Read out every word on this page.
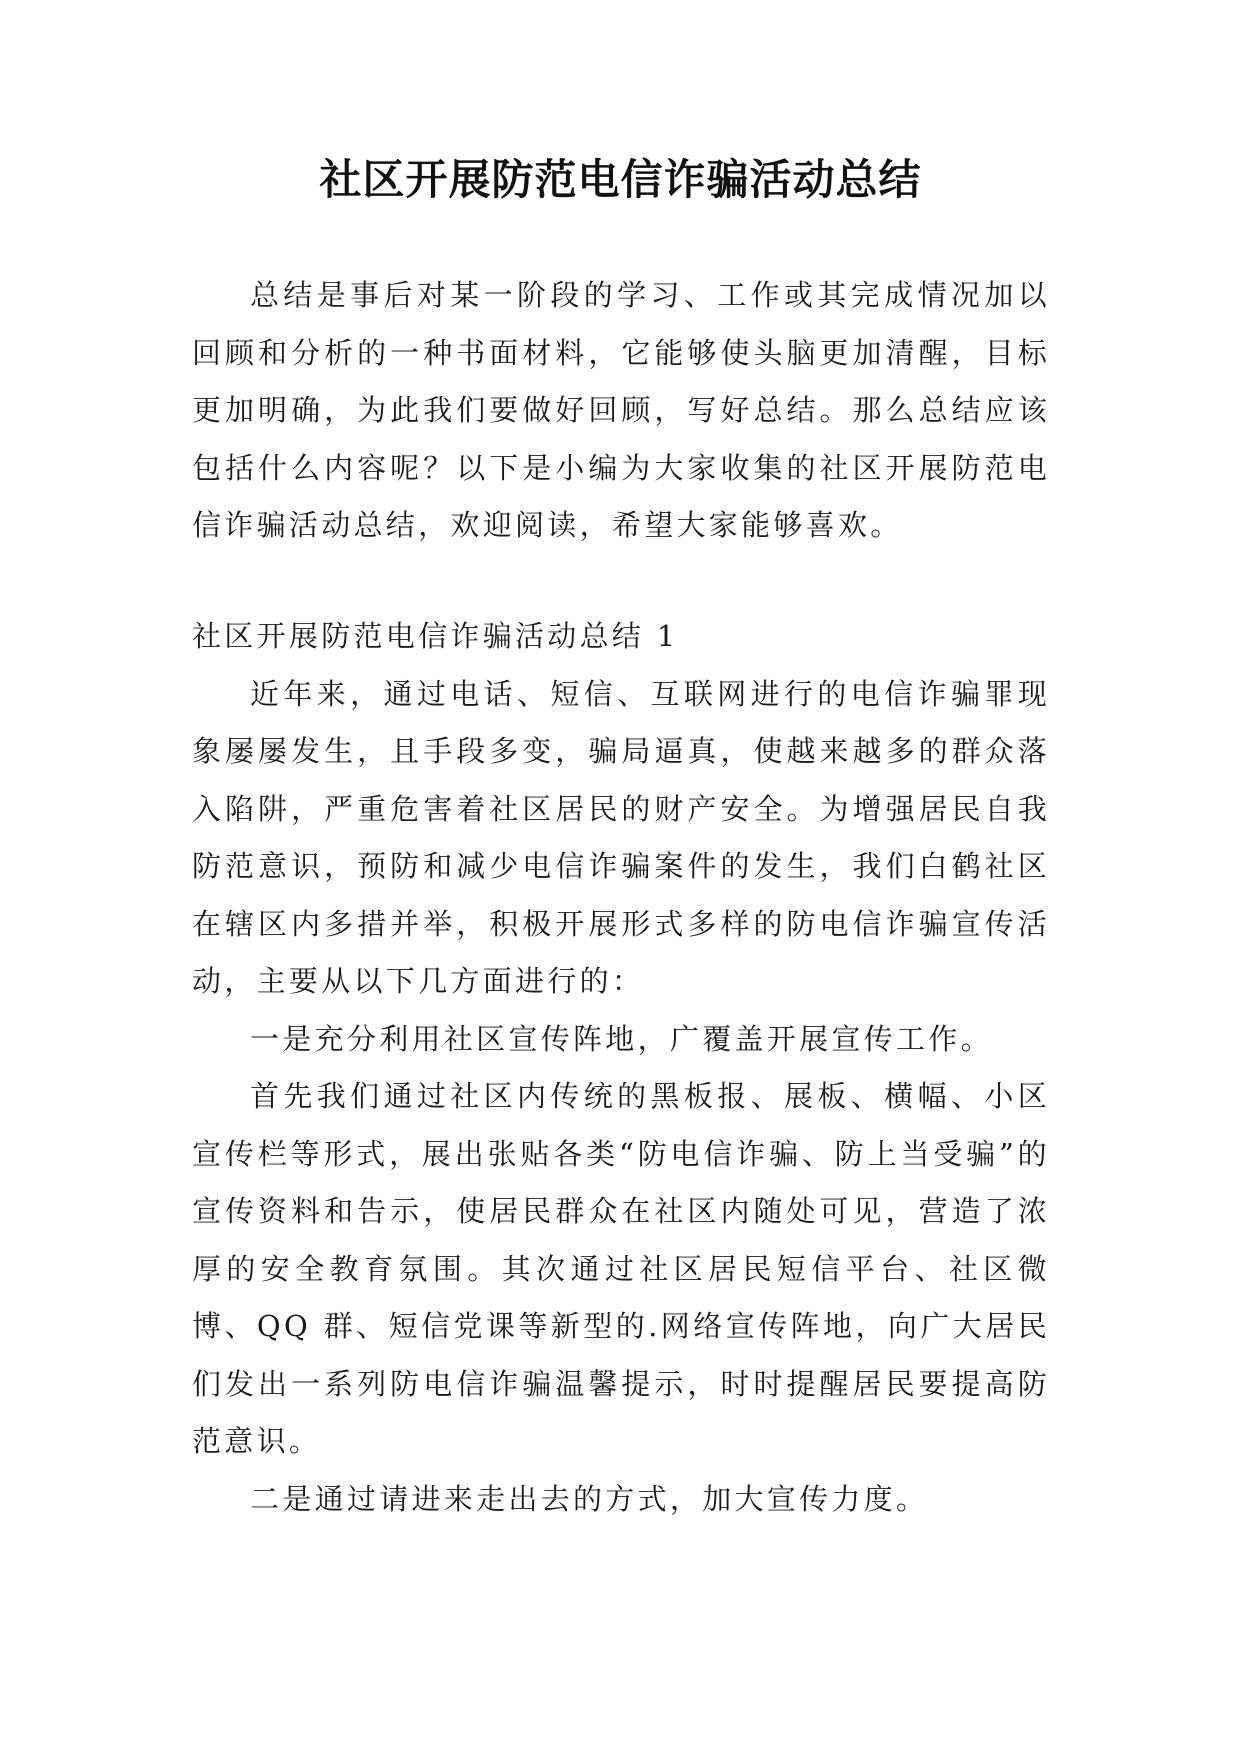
社区开展防范电信诈骗活动总结

总结是事后对某一阶段的学习、工作或其完成情况加以回顾和分析的一种书面材料，它能够使头脑更加清醒，目标更加明确，为此我们要做好回顾，写好总结。那么总结应该包括什么内容呢？以下是小编为大家收集的社区开展防范电信诈骗活动总结，欢迎阅读，希望大家能够喜欢。

社区开展防范电信诈骗活动总结 1

近年来，通过电话、短信、互联网进行的电信诈骗罪现象屡屡发生，且手段多变，骗局逼真，使越来越多的群众落入陷阱，严重危害着社区居民的财产安全。为增强居民自我防范意识，预防和减少电信诈骗案件的发生，我们白鹤社区在辖区内多措并举，积极开展形式多样的防电信诈骗宣传活动，主要从以下几方面进行的：

一是充分利用社区宣传阵地，广覆盖开展宣传工作。

首先我们通过社区内传统的黑板报、展板、横幅、小区宣传栏等形式，展出张贴各类“防电信诈骗、防上当受骗”的宣传资料和告示，使居民群众在社区内随处可见，营造了浓厚的安全教育氛围。其次通过社区居民短信平台、社区微博、QQ 群、短信党课等新型的.网络宣传阵地，向广大居民们发出一系列防电信诈骗温馨提示，时时提醒居民要提高防范意识。

二是通过请进来走出去的方式，加大宣传力度。
